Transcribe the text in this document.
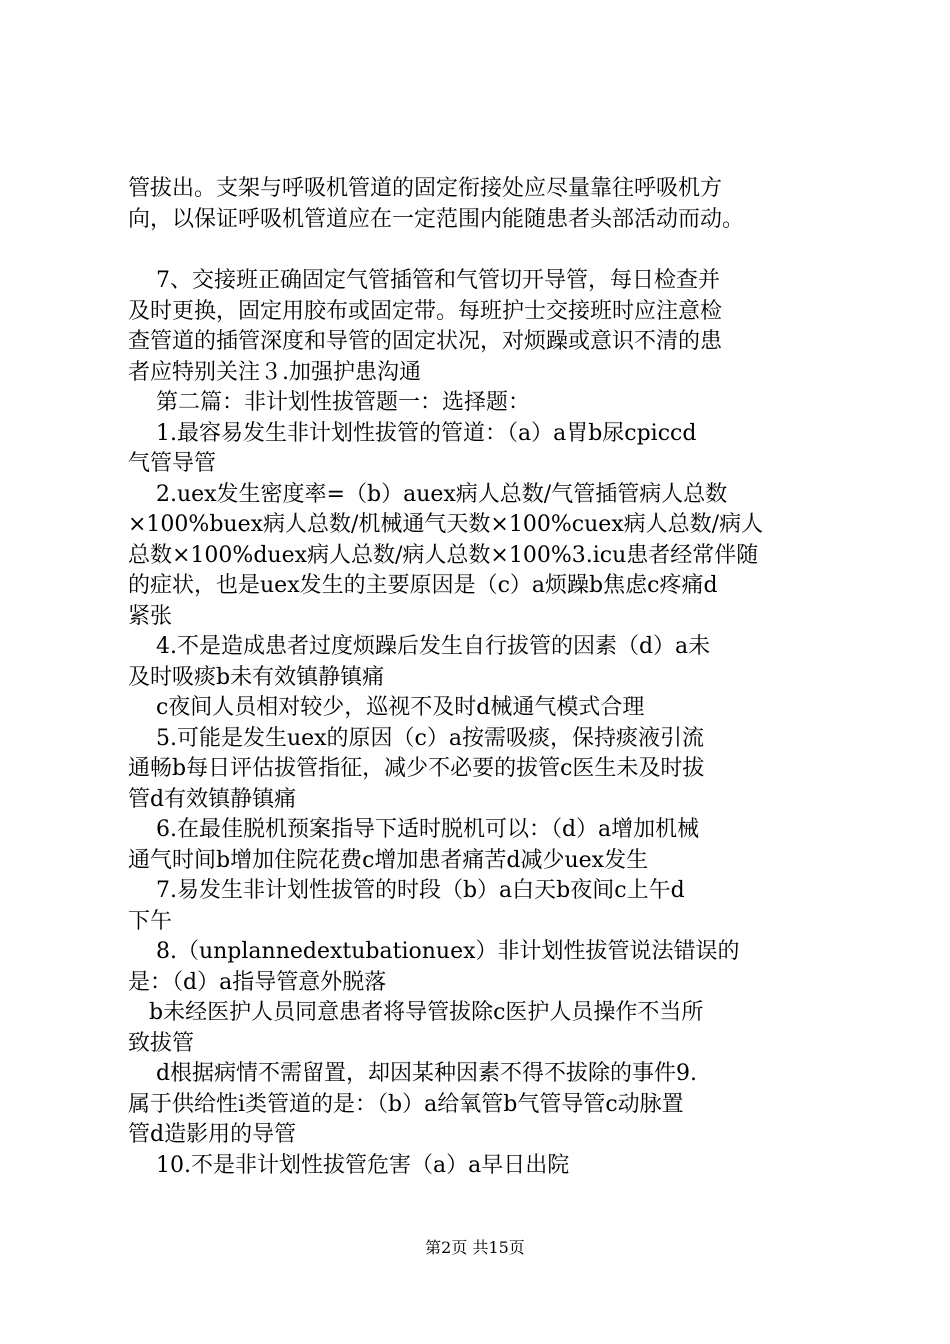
管拔出。支架与呼吸机管道的固定衔接处应尽量靠往呼吸机方
向，以保证呼吸机管道应在一定范围内能随患者头部活动而动。
7、交接班正确固定气管插管和气管切开导管，每日检查并
及时更换，固定用胶布或固定带。每班护士交接班时应注意检
查管道的插管深度和导管的固定状况，对烦躁或意识不清的患
者应特别关注３.加强护患沟通
第二篇：非计划性拔管题一：选择题：
1.最容易发生非计划性拔管的管道：（a）a胃b尿cpiccd
气管导管
2.uex发生密度率=（b）auex病人总数/气管插管病人总数
×100%buex病人总数/机械通气天数×100%cuex病人总数/病人
总数×100%duex病人总数/病人总数×100%3.icu患者经常伴随
的症状，也是uex发生的主要原因是（c）a烦躁b焦虑c疼痛d
紧张
4.不是造成患者过度烦躁后发生自行拔管的因素（d）a未
及时吸痰b未有效镇静镇痛
c夜间人员相对较少，巡视不及时d械通气模式合理
5.可能是发生uex的原因（c）a按需吸痰，保持痰液引流
通畅b每日评估拔管指征，减少不必要的拔管c医生未及时拔
管d有效镇静镇痛
6.在最佳脱机预案指导下适时脱机可以：（d）a增加机械
通气时间b增加住院花费c增加患者痛苦d减少uex发生
7.易发生非计划性拔管的时段（b）a白天b夜间c上午d
下午
8.（unplannedextubationuex）非计划性拔管说法错误的
是：（d）a指导管意外脱落
b未经医护人员同意患者将导管拔除c医护人员操作不当所
致拔管
d根据病情不需留置，却因某种因素不得不拔除的事件9.
属于供给性i类管道的是：（b）a给氧管b气管导管c动脉置
管d造影用的导管
10.不是非计划性拔管危害（a）a早日出院
第2页 共15页
